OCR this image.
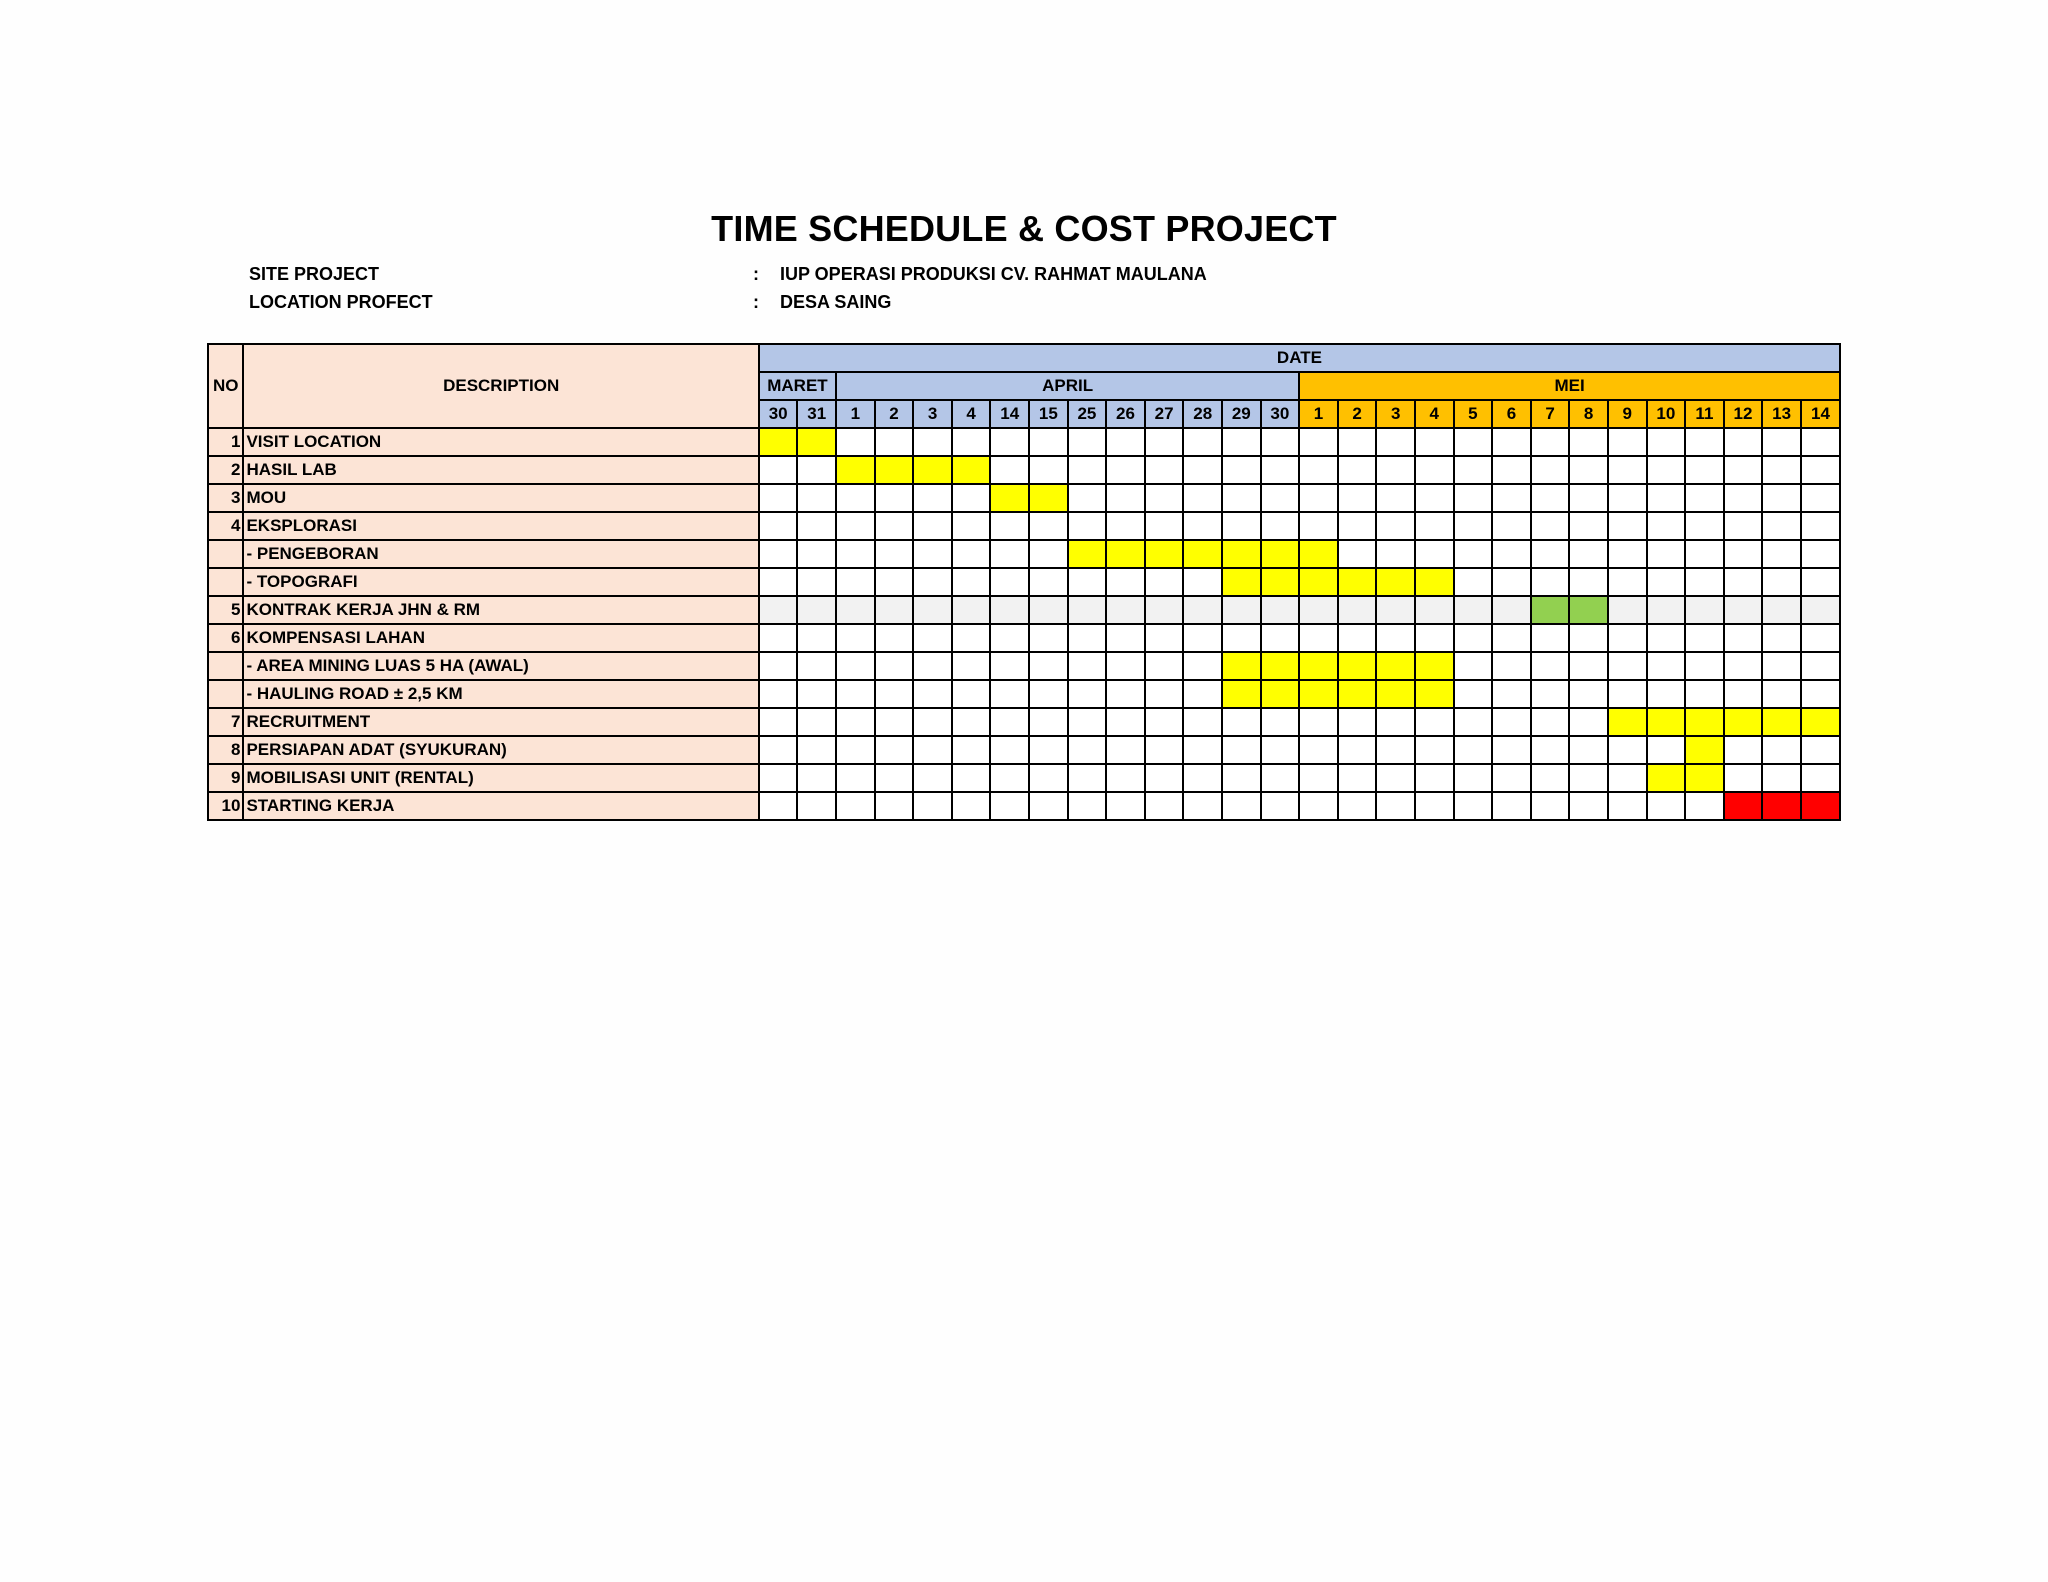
TIME SCHEDULE & COST PROJECT
SITE PROJECT	: IUP OPERASI PRODUKSI CV. RAHMAT MAULANA
LOCATION PROFECT	: DESA SAING
NO	DESCRIPTION	DATE																											
		MARET		APRIL												MEI													
		30	31	1	2	3	4	14	15	25	26	27	28	29	30	1	2	3	4	5	6	7	8	9	10	11	12	13	14
1	VISIT LOCATION																												
2	HASIL LAB																												
3	MOU																												
4	EKSPLORASI																												
	- PENGEBORAN																												
	- TOPOGRAFI																												
5	KONTRAK KERJA JHN & RM																												
6	KOMPENSASI LAHAN																												
	- AREA MINING LUAS 5 HA (AWAL)																												
	- HAULING ROAD ± 2,5 KM																												
7	RECRUITMENT																												
8	PERSIAPAN ADAT (SYUKURAN)																												
9	MOBILISASI UNIT (RENTAL)																												
10	STARTING KERJA																												
